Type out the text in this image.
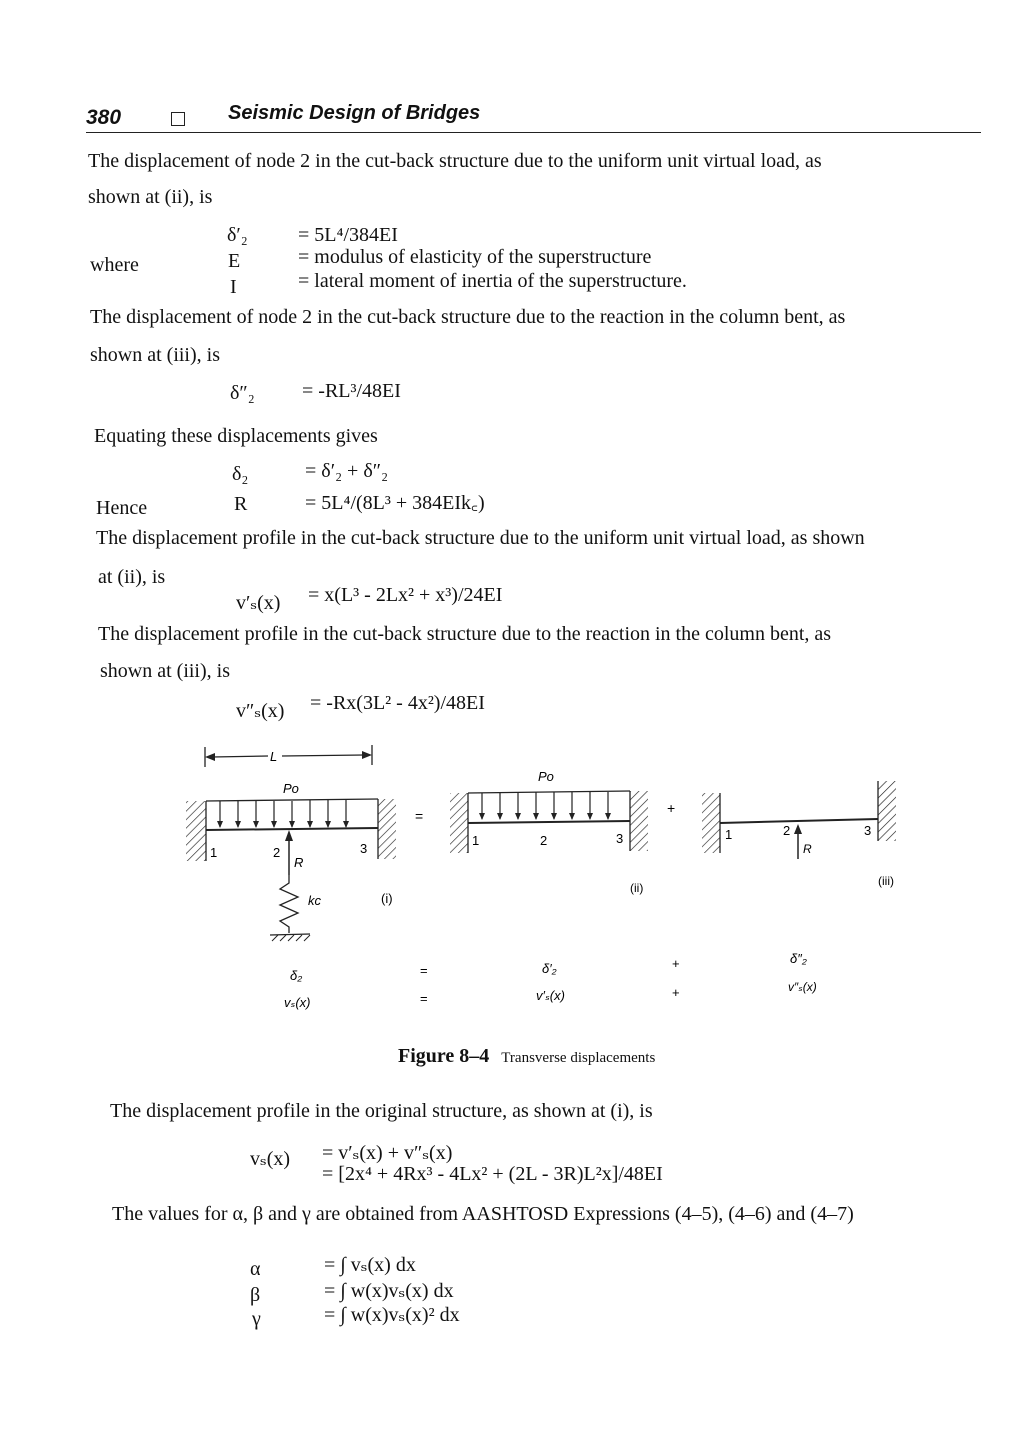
380	Seismic Design of Bridges
The displacement of node 2 in the cut-back structure due to the uniform unit virtual load, as
shown at (ii), is
δ′₂	= 5L⁴/384EI
where	E	= modulus of elasticity of the superstructure
I	= lateral moment of inertia of the superstructure.
The displacement of node 2 in the cut-back structure due to the reaction in the column bent, as
shown at (iii), is
δ″₂ = -RL³/48EI
Equating these displacements gives
δ₂	= δ′₂ + δ″₂
Hence	R	= 5L⁴/(8L³ + 384EIk꜀)
The displacement profile in the cut-back structure due to the uniform unit virtual load, as shown
at (ii), is
v′ₛ(x) = x(L³ - 2Lx² + x³)/24EI
The displacement profile in the cut-back structure due to the reaction in the column bent, as
shown at (iii), is
v″ₛ(x) = -Rx(3L² - 4x²)/48EI
L
Po
1	2	3
R
kc	(i)
=
Po
1	2	3
(ii)
+
1	2	3
R
(iii)
δ₂	=	δ′₂	+	δ″₂
vₛ(x)	=	v′ₛ(x)	+	v″ₛ(x)
Figure 8–4 Transverse displacements
The displacement profile in the original structure, as shown at (i), is
vₛ(x) = v′ₛ(x) + v″ₛ(x)
= [2x⁴ + 4Rx³ - 4Lx² + (2L - 3R)L²x]/48EI
The values for α, β and γ are obtained from AASHTOSD Expressions (4–5), (4–6) and (4–7)
α	= ∫ vₛ(x) dx
β	= ∫ w(x)vₛ(x) dx
γ	= ∫ w(x)vₛ(x)² dx
